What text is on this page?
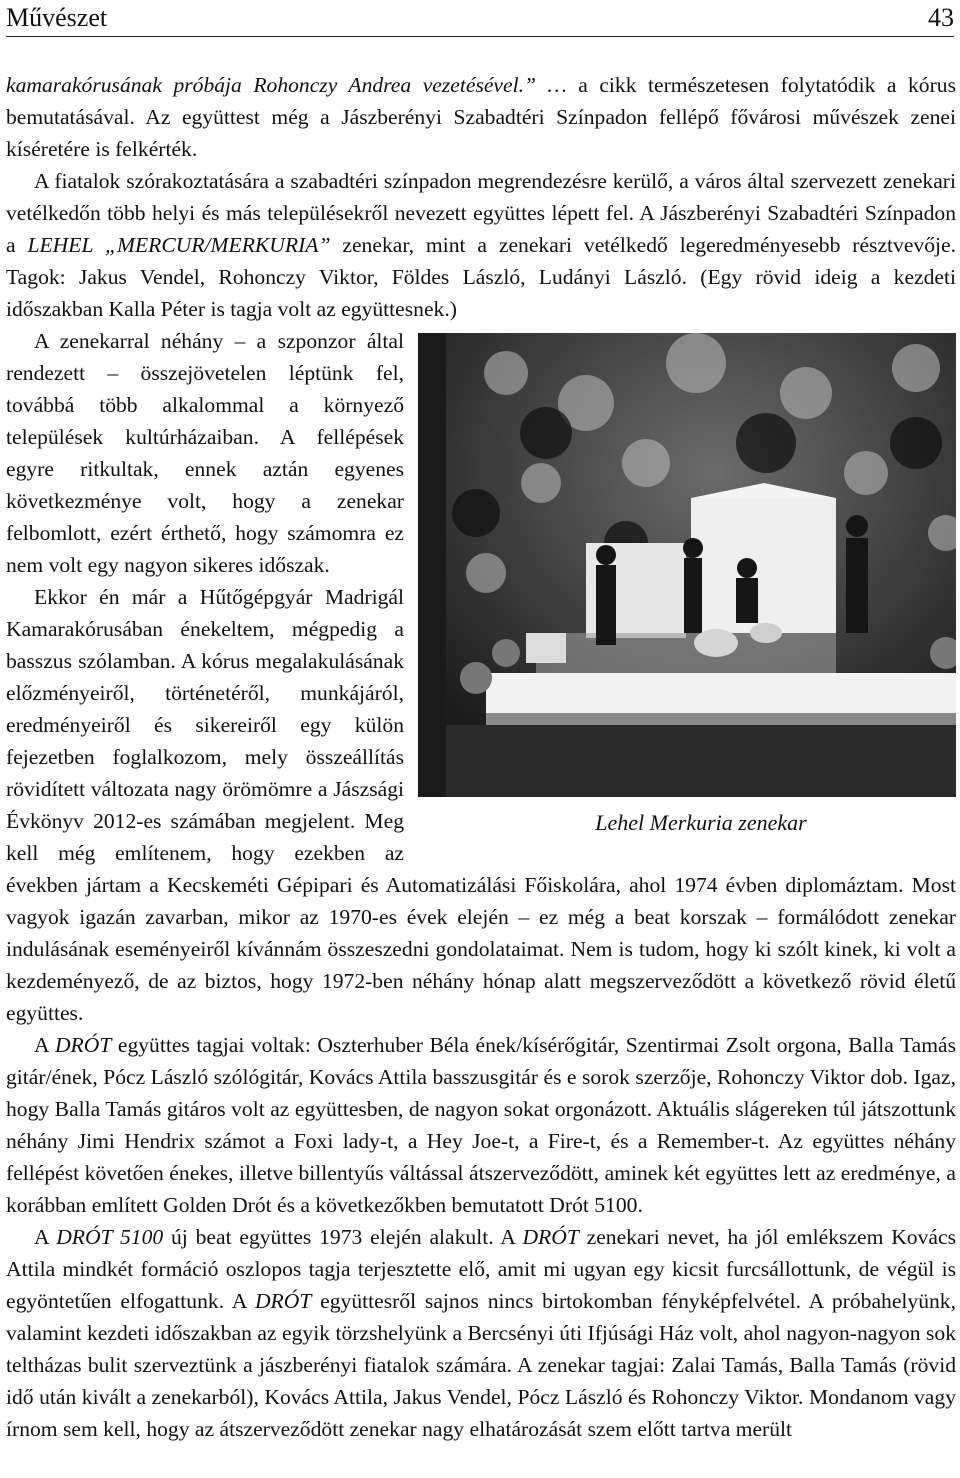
Művészet	43

kamarakórusának próbája Rohonczy Andrea vezetésével.” … a cikk természetesen folytatódik a kórus bemutatásával. Az együttest még a Jászberényi Szabadtéri Színpadon fellépő fővárosi művészek zenei kíséretére is felkérték.

A fiatalok szórakoztatására a szabadtéri színpadon megrendezésre kerülő, a város által szervezett zenekari vetélkedőn több helyi és más településekről nevezett együttes lépett fel. A Jászberényi Szabadtéri Színpadon a LEHEL „MERCUR/MERKURIA” zenekar, mint a zenekari vetélkedő legeredményesebb résztvevője. Tagok: Jakus Vendel, Rohonczy Viktor, Földes László, Ludányi László. (Egy rövid ideig a kezdeti időszakban Kalla Péter is tagja volt az együttesnek.)

Lehel Merkuria zenekar
A zenekarral néhány – a szponzor által rendezett – összejövetelen léptünk fel, továbbá több alkalommal a környező települések kultúrházaiban. A fellépések egyre ritkultak, ennek aztán egyenes következménye volt, hogy a zenekar felbomlott, ezért érthető, hogy számomra ez nem volt egy nagyon sikeres időszak.

Ekkor én már a Hűtőgépgyár Madrigál Kamarakórusában énekeltem, mégpedig a basszus szólamban. A kórus megalakulásának előzményeiről, történetéről, munkájáról, eredményeiről és sikereiről egy külön fejezetben foglalkozom, mely összeállítás rövidített változata nagy örömömre a Jászsági Évkönyv 2012-es számában megjelent. Meg kell még említenem, hogy ezekben az években jártam a Kecskeméti Gépipari és Automatizálási Főiskolára, ahol 1974 évben diplomáztam. Most vagyok igazán zavarban, mikor az 1970-es évek elején – ez még a beat korszak – formálódott zenekar indulásának eseményeiről kívánnám összeszedni gondolataimat. Nem is tudom, hogy ki szólt kinek, ki volt a kezdeményező, de az biztos, hogy 1972-ben néhány hónap alatt megszerveződött a következő rövid életű együttes.

A DRÓT együttes tagjai voltak: Oszterhuber Béla ének/kísérőgitár, Szentirmai Zsolt orgona, Balla Tamás gitár/ének, Pócz László szólógitár, Kovács Attila basszusgitár és e sorok szerzője, Rohonczy Viktor dob. Igaz, hogy Balla Tamás gitáros volt az együttesben, de nagyon sokat orgonázott. Aktuális slágereken túl játszottunk néhány Jimi Hendrix számot a Foxi lady-t, a Hey Joe-t, a Fire-t, és a Remember-t. Az együttes néhány fellépést követően énekes, illetve billentyűs váltással átszerveződött, aminek két együttes lett az eredménye, a korábban említett Golden Drót és a következőkben bemutatott Drót 5100.

A DRÓT 5100 új beat együttes 1973 elején alakult. A DRÓT zenekari nevet, ha jól emlékszem Kovács Attila mindkét formáció oszlopos tagja terjesztette elő, amit mi ugyan egy kicsit furcsállottunk, de végül is egyöntetűen elfogattunk. A DRÓT együttesről sajnos nincs birtokomban fényképfelvétel. A próbahelyünk, valamint kezdeti időszakban az egyik törzshelyünk a Bercsényi úti Ifjúsági Ház volt, ahol nagyon-nagyon sok teltházas bulit szerveztünk a jászberényi fiatalok számára. A zenekar tagjai: Zalai Tamás, Balla Tamás (rövid idő után kivált a zenekarból), Kovács Attila, Jakus Vendel, Pócz László és Rohonczy Viktor. Mondanom vagy írnom sem kell, hogy az átszerveződött zenekar nagy elhatározását szem előtt tartva merült
